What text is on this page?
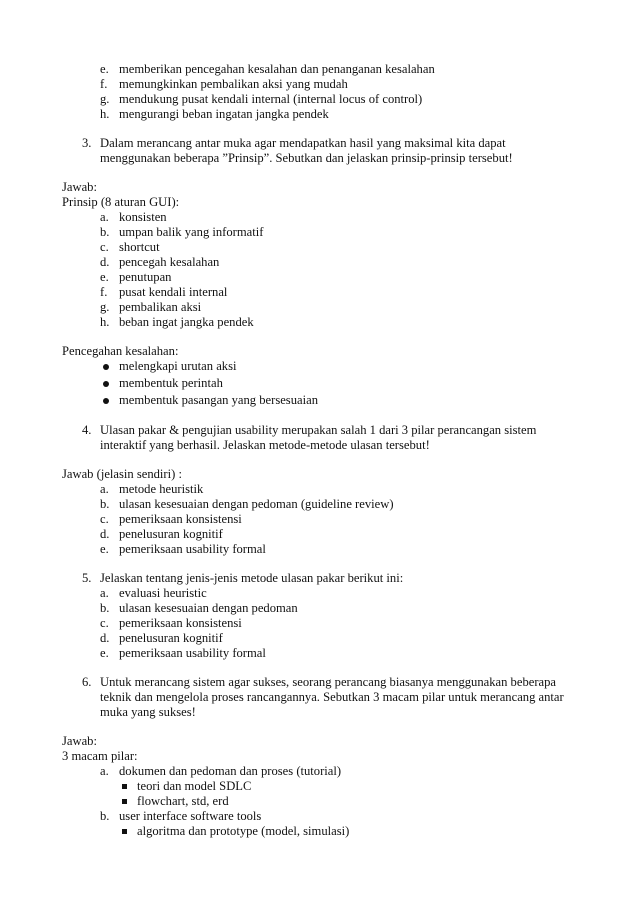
e. memberikan pencegahan kesalahan dan penanganan kesalahan
f. memungkinkan pembalikan aksi yang mudah
g. mendukung pusat kendali internal (internal locus of control)
h. mengurangi beban ingatan jangka pendek
3. Dalam merancang antar muka agar mendapatkan hasil yang maksimal kita dapat
menggunakan beberapa ”Prinsip”. Sebutkan dan jelaskan prinsip-prinsip tersebut!
Jawab:
Prinsip (8 aturan GUI):
a. konsisten
b. umpan balik yang informatif
c. shortcut
d. pencegah kesalahan
e. penutupan
f. pusat kendali internal
g. pembalikan aksi
h. beban ingat jangka pendek
Pencegahan kesalahan:
melengkapi urutan aksi
membentuk perintah
membentuk pasangan yang bersesuaian
4. Ulasan pakar & pengujian usability merupakan salah 1 dari 3 pilar perancangan sistem
interaktif yang berhasil. Jelaskan metode-metode ulasan tersebut!
Jawab (jelasin sendiri) :
a. metode heuristik
b. ulasan kesesuaian dengan pedoman (guideline review)
c. pemeriksaan konsistensi
d. penelusuran kognitif
e. pemeriksaan usability formal
5. Jelaskan tentang jenis-jenis metode ulasan pakar berikut ini:
a. evaluasi heuristic
b. ulasan kesesuaian dengan pedoman
c. pemeriksaan konsistensi
d. penelusuran kognitif
e. pemeriksaan usability formal
6. Untuk merancang sistem agar sukses, seorang perancang biasanya menggunakan beberapa
teknik dan mengelola proses rancangannya. Sebutkan 3 macam pilar untuk merancang antar
muka yang sukses!
Jawab:
3 macam pilar:
a. dokumen dan pedoman dan proses (tutorial)
teori dan model SDLC
flowchart, std, erd
b. user interface software tools
algoritma dan prototype (model, simulasi)
